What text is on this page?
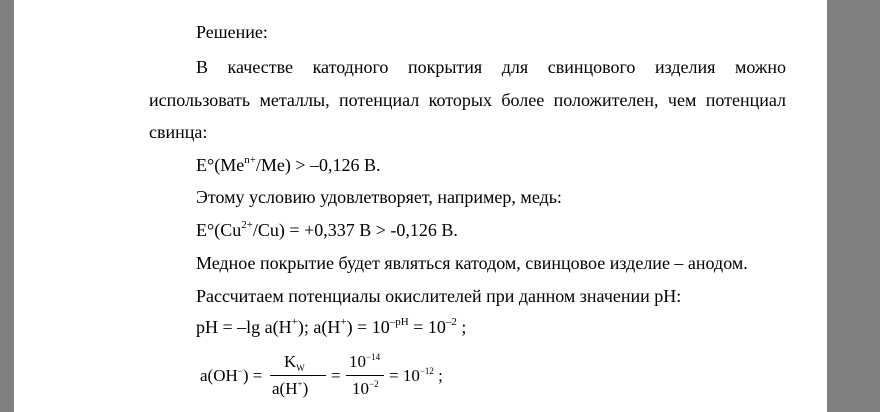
Решение:
В качестве катодного покрытия для свинцового изделия можно
использовать металлы, потенциал которых более положителен, чем потенциал
свинца:
$E^\circ(Me^{n+}/Me) > -0,126$ В.
Этому условию удовлетворяет, например, медь:
$E^\circ(Cu^{2+}/Cu) = +0,337$ В > -0,126 В.
Медное покрытие будет являться катодом, свинцовое изделие – анодом.
Рассчитаем потенциалы окислителей при данном значении pH:
pH = –lg a(H+); $a(H^+) = 10^{-pH} = 10^{-2}$ ;
a(OH−) =
$K_W$
a(H+)
=
$10^{-14}$
$10^{-2} = 10^{-12}$ ;
